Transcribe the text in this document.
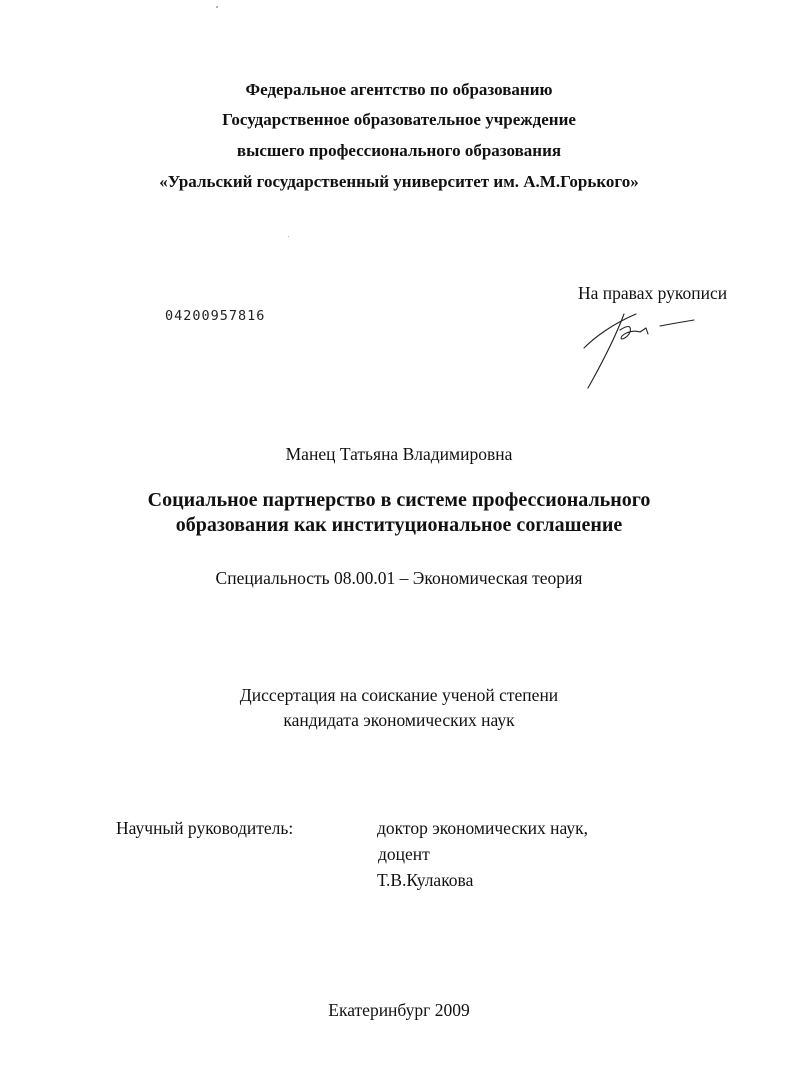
Федеральное агентство по образованию
Государственное образовательное учреждение
высшего профессионального образования
«Уральский государственный университет им. А.М.Горького»
На правах рукописи
04200957816
Манец Татьяна Владимировна
Социальное партнерство в системе профессионального
образования как институциональное соглашение
Специальность 08.00.01 – Экономическая теория
Диссертация на соискание ученой степени
кандидата экономических наук
Научный руководитель:	доктор экономических наук,
доцент
Т.В.Кулакова
Екатеринбург 2009
